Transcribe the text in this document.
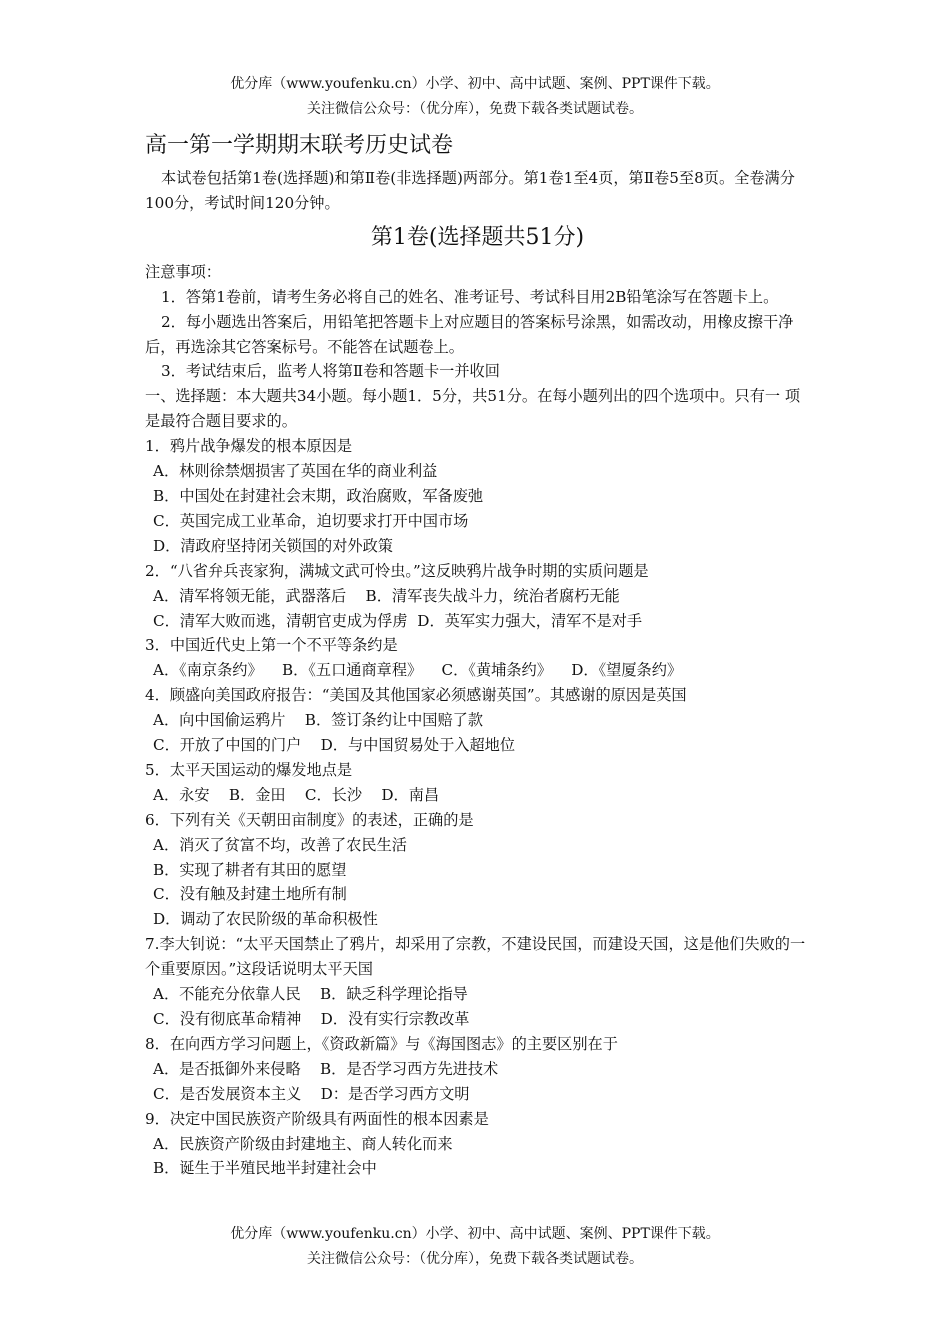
优分库（www.youfenku.cn）小学、初中、高中试题、案例、PPT课件下载。
关注微信公众号：（优分库），免费下载各类试题试卷。
高一第一学期期末联考历史试卷

本试卷包括第1卷(选择题)和第Ⅱ卷(非选择题)两部分。第1卷1至4页，第Ⅱ卷5至8页。全卷满分100分，考试时间120分钟。

第1卷(选择题共51分)

注意事项：

1．答第1卷前，请考生务必将自己的姓名、准考证号、考试科目用2B铅笔涂写在答题卡上。

2．每小题选出答案后，用铅笔把答题卡上对应题目的答案标号涂黑，如需改动，用橡皮擦干净后，再选涂其它答案标号。不能答在试题卷上。

3．考试结束后，监考人将第Ⅱ卷和答题卡一并收回

一、选择题：本大题共34小题。每小题1．5分，共51分。在每小题列出的四个选项中。只有一 项是最符合题目要求的。

1．鸦片战争爆发的根本原因是

A．林则徐禁烟损害了英国在华的商业利益

B．中国处在封建社会末期，政治腐败，军备废弛

C．英国完成工业革命，迫切要求打开中国市场

D．清政府坚持闭关锁国的对外政策

2．“八省弁兵丧家狗，满城文武可怜虫。”这反映鸦片战争时期的实质问题是

A．清军将领无能，武器落后    B．清军丧失战斗力，统治者腐朽无能

C．清军大败而逃，清朝官吏成为俘虏  D．英军实力强大，清军不是对手

3．中国近代史上第一个不平等条约是

A．《南京条约》    B．《五口通商章程》    C．《黄埔条约》    D．《望厦条约》

4．顾盛向美国政府报告：“美国及其他国家必须感谢英国”。其感谢的原因是英国

A．向中国偷运鸦片    B．签订条约让中国赔了款

C．开放了中国的门户    D．与中国贸易处于入超地位

5．太平天国运动的爆发地点是

A．永安    B．金田    C．长沙    D．南昌

6．下列有关《天朝田亩制度》的表述，正确的是

A．消灭了贫富不均，改善了农民生活

B．实现了耕者有其田的愿望

C．没有触及封建土地所有制

D．调动了农民阶级的革命积极性

7.李大钊说：“太平天国禁止了鸦片，却采用了宗教，不建设民国，而建设天国，这是他们失败的一个重要原因。”这段话说明太平天国

A．不能充分依靠人民    B．缺乏科学理论指导

C．没有彻底革命精神    D．没有实行宗教改革

8．在向西方学习问题上，《资政新篇》与《海国图志》的主要区别在于

A．是否抵御外来侵略    B．是否学习西方先进技术

C．是否发展资本主义    D：是否学习西方文明

9．决定中国民族资产阶级具有两面性的根本因素是

A．民族资产阶级由封建地主、商人转化而来

B．诞生于半殖民地半封建社会中

优分库（www.youfenku.cn）小学、初中、高中试题、案例、PPT课件下载。
关注微信公众号：（优分库），免费下载各类试题试卷。
